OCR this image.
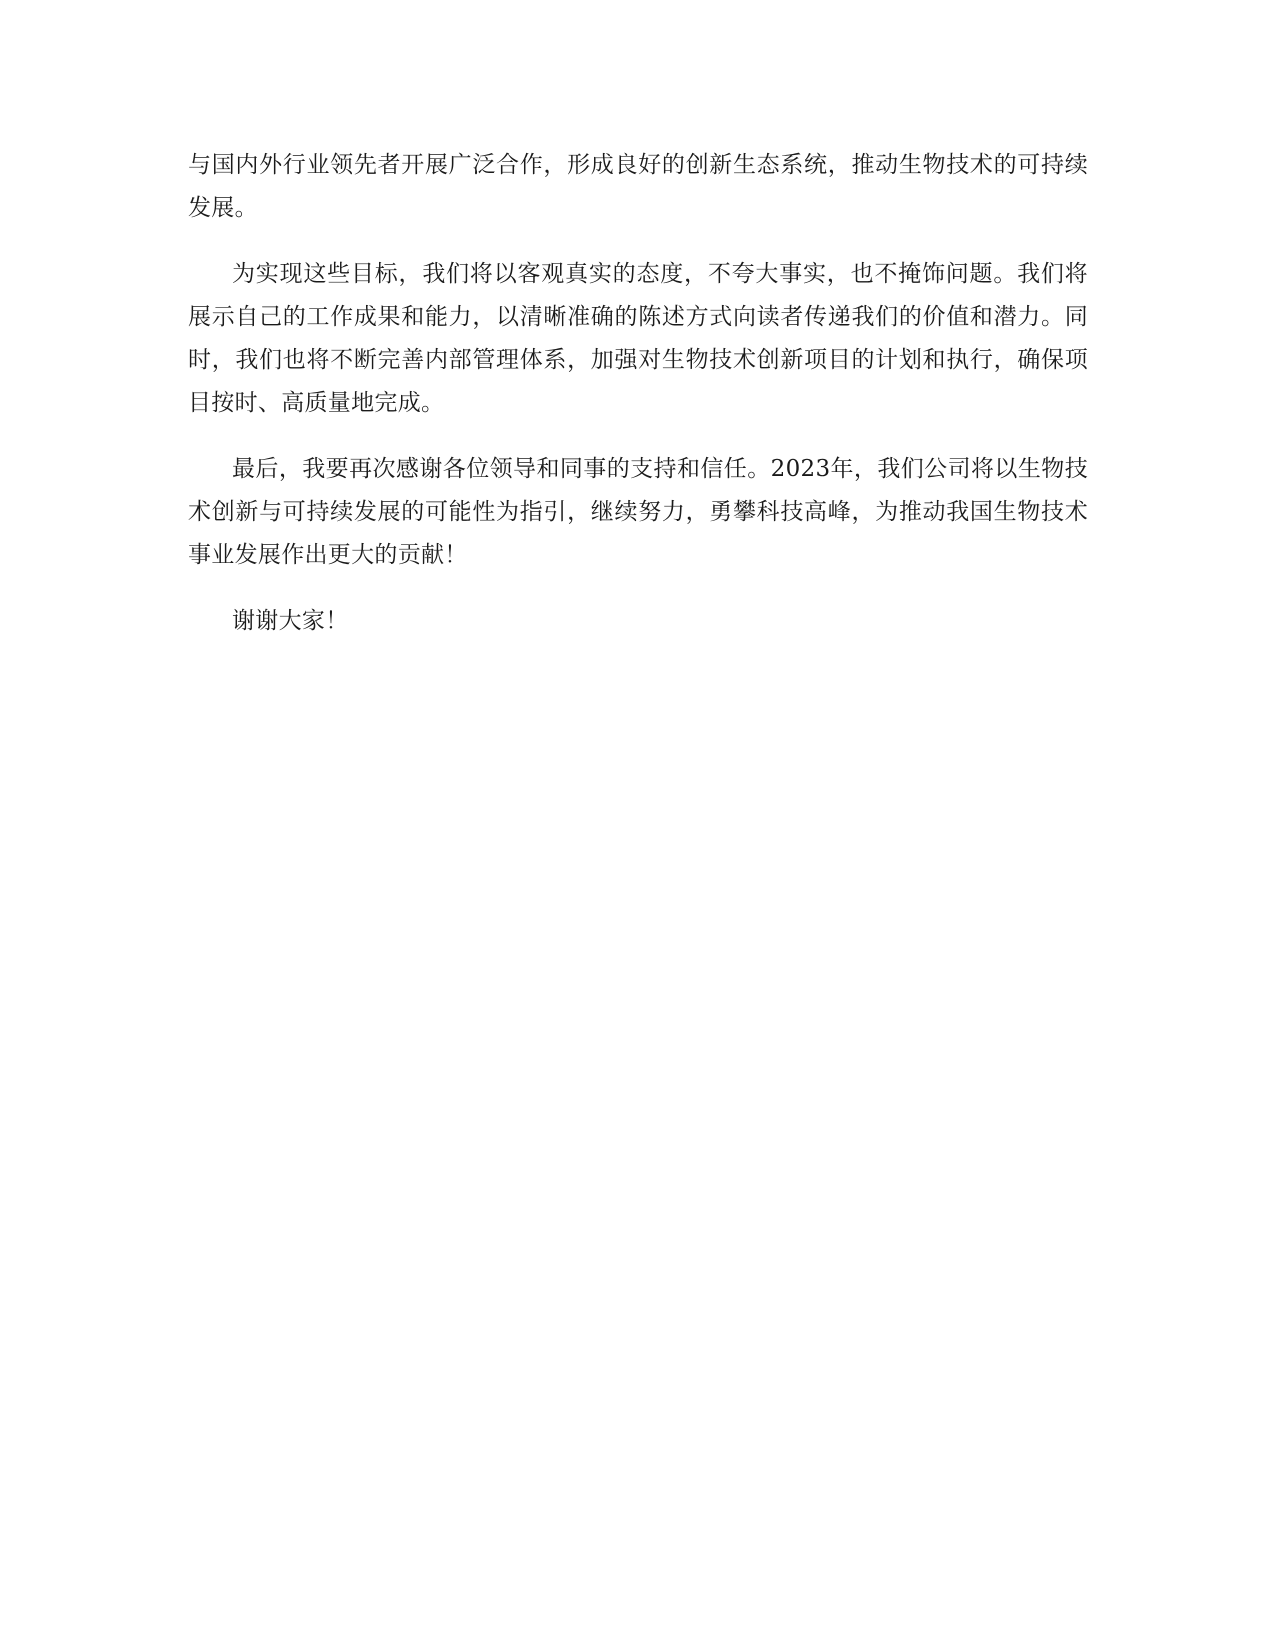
与国内外行业领先者开展广泛合作，形成良好的创新生态系统，推动生物技术的可持续发展。

为实现这些目标，我们将以客观真实的态度，不夸大事实，也不掩饰问题。我们将展示自己的工作成果和能力，以清晰准确的陈述方式向读者传递我们的价值和潜力。同时，我们也将不断完善内部管理体系，加强对生物技术创新项目的计划和执行，确保项目按时、高质量地完成。

最后，我要再次感谢各位领导和同事的支持和信任。2023年，我们公司将以生物技术创新与可持续发展的可能性为指引，继续努力，勇攀科技高峰，为推动我国生物技术事业发展作出更大的贡献！

谢谢大家！
